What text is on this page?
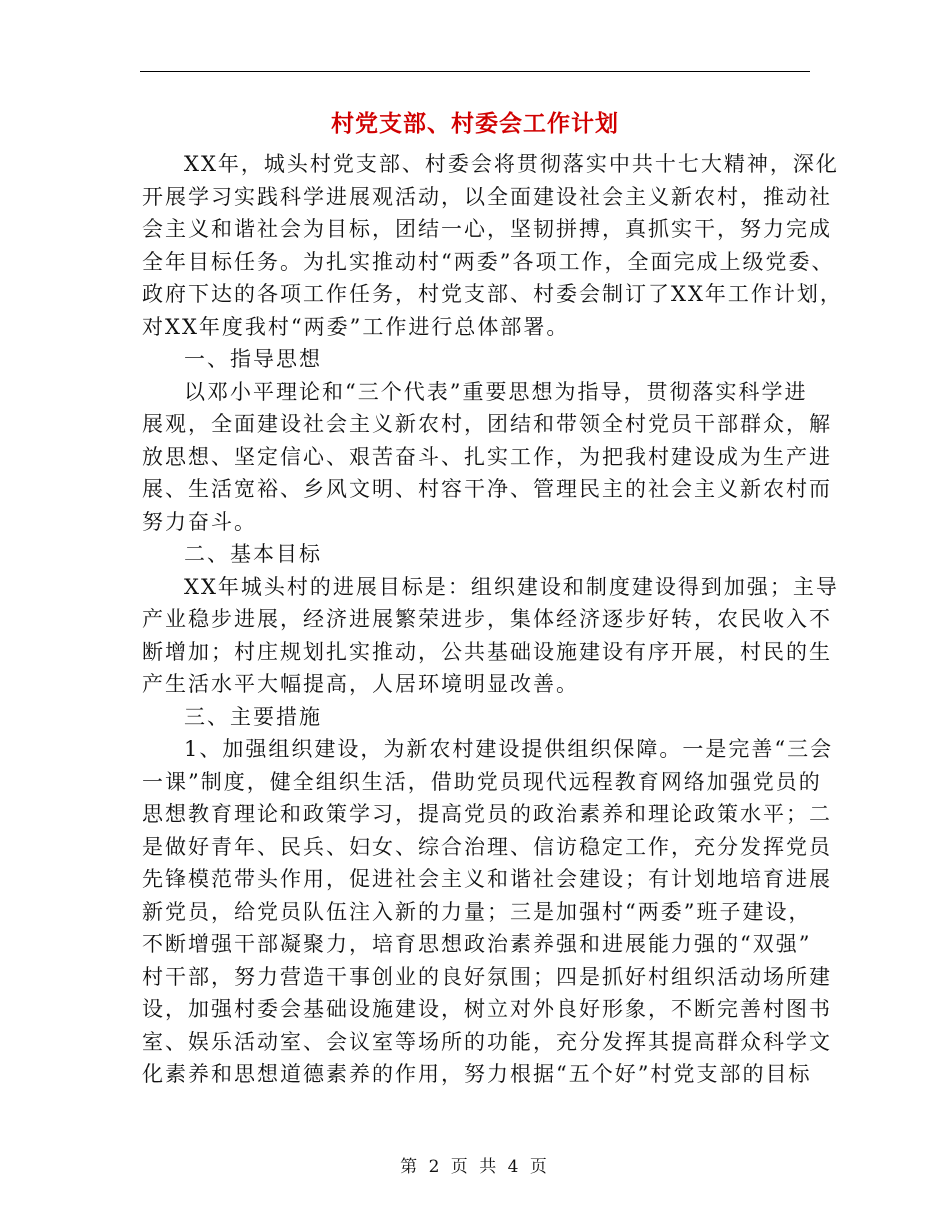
村党支部、村委会工作计划
XX年，城头村党支部、村委会将贯彻落实中共十七大精神，深化
开展学习实践科学进展观活动，以全面建设社会主义新农村，推动社
会主义和谐社会为目标，团结一心，坚韧拼搏，真抓实干，努力完成
全年目标任务。为扎实推动村“两委”各项工作，全面完成上级党委、
政府下达的各项工作任务，村党支部、村委会制订了XX年工作计划，
对XX年度我村“两委”工作进行总体部署。
一、指导思想
以邓小平理论和“三个代表”重要思想为指导，贯彻落实科学进
展观，全面建设社会主义新农村，团结和带领全村党员干部群众，解
放思想、坚定信心、艰苦奋斗、扎实工作，为把我村建设成为生产进
展、生活宽裕、乡风文明、村容干净、管理民主的社会主义新农村而
努力奋斗。
二、基本目标
XX年城头村的进展目标是：组织建设和制度建设得到加强；主导
产业稳步进展，经济进展繁荣进步，集体经济逐步好转，农民收入不
断增加；村庄规划扎实推动，公共基础设施建设有序开展，村民的生
产生活水平大幅提高，人居环境明显改善。
三、主要措施
1、加强组织建设，为新农村建设提供组织保障。一是完善“三会
一课”制度，健全组织生活，借助党员现代远程教育网络加强党员的
思想教育理论和政策学习，提高党员的政治素养和理论政策水平；二
是做好青年、民兵、妇女、综合治理、信访稳定工作，充分发挥党员
先锋模范带头作用，促进社会主义和谐社会建设；有计划地培育进展
新党员，给党员队伍注入新的力量；三是加强村“两委”班子建设，
不断增强干部凝聚力，培育思想政治素养强和进展能力强的“双强”
村干部，努力营造干事创业的良好氛围；四是抓好村组织活动场所建
设，加强村委会基础设施建设，树立对外良好形象，不断完善村图书
室、娱乐活动室、会议室等场所的功能，充分发挥其提高群众科学文
化素养和思想道德素养的作用，努力根据“五个好”村党支部的目标
第 2 页 共 4 页
